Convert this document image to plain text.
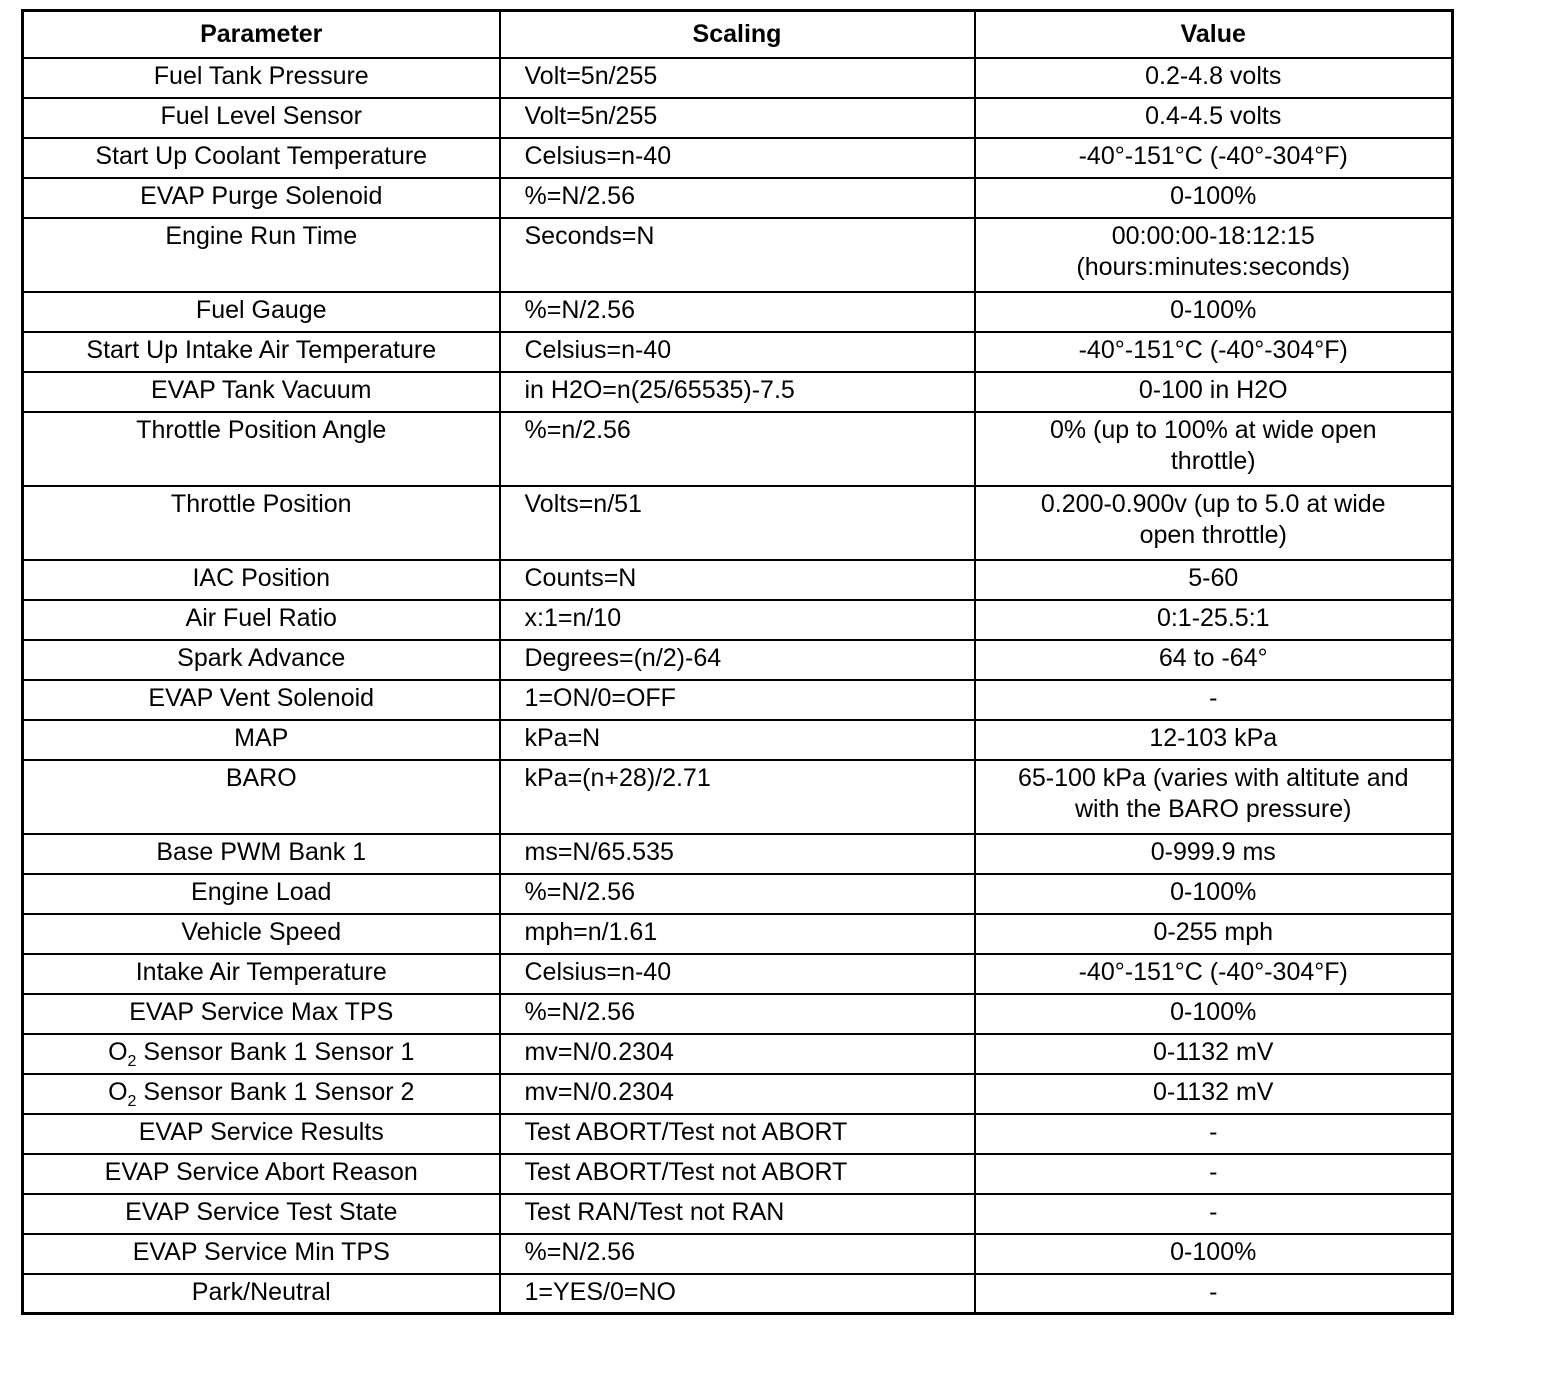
Parameter	Scaling	Value
Fuel Tank Pressure	Volt=5n/255	0.2-4.8 volts
Fuel Level Sensor	Volt=5n/255	0.4-4.5 volts
Start Up Coolant Temperature	Celsius=n-40	-40°-151°C (-40°-304°F)
EVAP Purge Solenoid	%=N/2.56	0-100%
Engine Run Time	Seconds=N	00:00:00-18:12:15
(hours:minutes:seconds)
Fuel Gauge	%=N/2.56	0-100%
Start Up Intake Air Temperature	Celsius=n-40	-40°-151°C (-40°-304°F)
EVAP Tank Vacuum	in H2O=n(25/65535)-7.5	0-100 in H2O
Throttle Position Angle	%=n/2.56	0% (up to 100% at wide open
throttle)
Throttle Position	Volts=n/51	0.200-0.900v (up to 5.0 at wide
open throttle)
IAC Position	Counts=N	5-60
Air Fuel Ratio	x:1=n/10	0:1-25.5:1
Spark Advance	Degrees=(n/2)-64	64 to -64°
EVAP Vent Solenoid	1=ON/0=OFF	-
MAP	kPa=N	12-103 kPa
BARO	kPa=(n+28)/2.71	65-100 kPa (varies with altitute and
with the BARO pressure)
Base PWM Bank 1	ms=N/65.535	0-999.9 ms
Engine Load	%=N/2.56	0-100%
Vehicle Speed	mph=n/1.61	0-255 mph
Intake Air Temperature	Celsius=n-40	-40°-151°C (-40°-304°F)
EVAP Service Max TPS	%=N/2.56	0-100%
$O_2$ Sensor Bank 1 Sensor 1	mv=N/0.2304	0-1132 mV
$O_2$ Sensor Bank 1 Sensor 2	mv=N/0.2304	0-1132 mV
EVAP Service Results	Test ABORT/Test not ABORT	-
EVAP Service Abort Reason	Test ABORT/Test not ABORT	-
EVAP Service Test State	Test RAN/Test not RAN	-
EVAP Service Min TPS	%=N/2.56	0-100%
Park/Neutral	1=YES/0=NO	-
